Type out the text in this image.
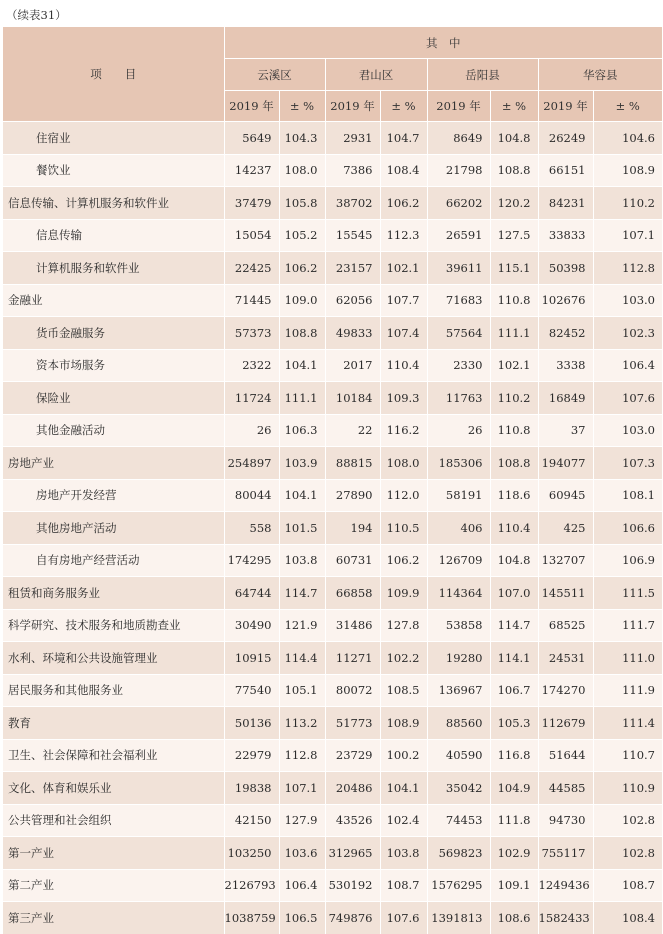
（续表31）
项　　目	其　中							
	云溪区		君山区		岳阳县		华容县	
	2019 年	± %	2019 年	± %	2019 年	± %	2019 年	± %
住宿业	5649	104.3	2931	104.7	8649	104.8	26249	104.6
餐饮业	14237	108.0	7386	108.4	21798	108.8	66151	108.9
信息传输、计算机服务和软件业	37479	105.8	38702	106.2	66202	120.2	84231	110.2
信息传输	15054	105.2	15545	112.3	26591	127.5	33833	107.1
计算机服务和软件业	22425	106.2	23157	102.1	39611	115.1	50398	112.8
金融业	71445	109.0	62056	107.7	71683	110.8	102676	103.0
货币金融服务	57373	108.8	49833	107.4	57564	111.1	82452	102.3
资本市场服务	2322	104.1	2017	110.4	2330	102.1	3338	106.4
保险业	11724	111.1	10184	109.3	11763	110.2	16849	107.6
其他金融活动	26	106.3	22	116.2	26	110.8	37	103.0
房地产业	254897	103.9	88815	108.0	185306	108.8	194077	107.3
房地产开发经营	80044	104.1	27890	112.0	58191	118.6	60945	108.1
其他房地产活动	558	101.5	194	110.5	406	110.4	425	106.6
自有房地产经营活动	174295	103.8	60731	106.2	126709	104.8	132707	106.9
租赁和商务服务业	64744	114.7	66858	109.9	114364	107.0	145511	111.5
科学研究、技术服务和地质勘查业	30490	121.9	31486	127.8	53858	114.7	68525	111.7
水利、环境和公共设施管理业	10915	114.4	11271	102.2	19280	114.1	24531	111.0
居民服务和其他服务业	77540	105.1	80072	108.5	136967	106.7	174270	111.9
教育	50136	113.2	51773	108.9	88560	105.3	112679	111.4
卫生、社会保障和社会福利业	22979	112.8	23729	100.2	40590	116.8	51644	110.7
文化、体育和娱乐业	19838	107.1	20486	104.1	35042	104.9	44585	110.9
公共管理和社会组织	42150	127.9	43526	102.4	74453	111.8	94730	102.8
第一产业	103250	103.6	312965	103.8	569823	102.9	755117	102.8
第二产业	2126793	106.4	530192	108.7	1576295	109.1	1249436	108.7
第三产业	1038759	106.5	749876	107.6	1391813	108.6	1582433	108.4
